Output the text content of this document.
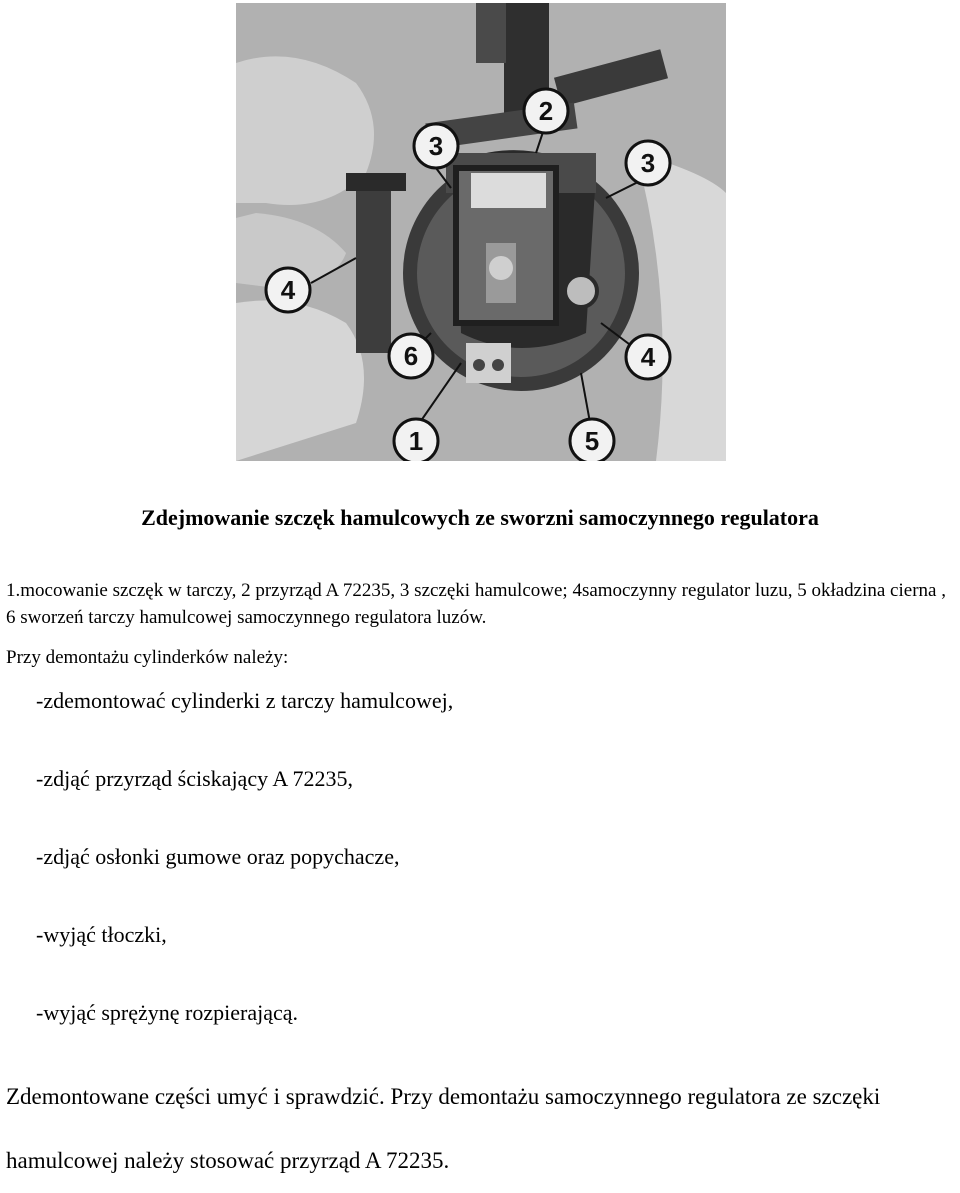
1
2
3
3
4
4
5
6
Zdejmowanie szczęk hamulcowych ze sworzni samoczynnego regulatora
1.mocowanie szczęk w tarczy, 2 przyrząd A 72235, 3 szczęki hamulcowe; 4samoczynny regulator luzu, 5 okładzina cierna , 6 sworzeń tarczy hamulcowej samoczynnego regulatora luzów.
Przy demontażu cylinderków należy:
-zdemontować cylinderki z tarczy hamulcowej,
-zdjąć przyrząd ściskający A 72235,
-zdjąć osłonki gumowe oraz popychacze,
-wyjąć tłoczki,
-wyjąć sprężynę rozpierającą.
Zdemontowane części umyć i sprawdzić. Przy demontażu samoczynnego regulatora ze szczęki hamulcowej należy stosować przyrząd A 72235.
